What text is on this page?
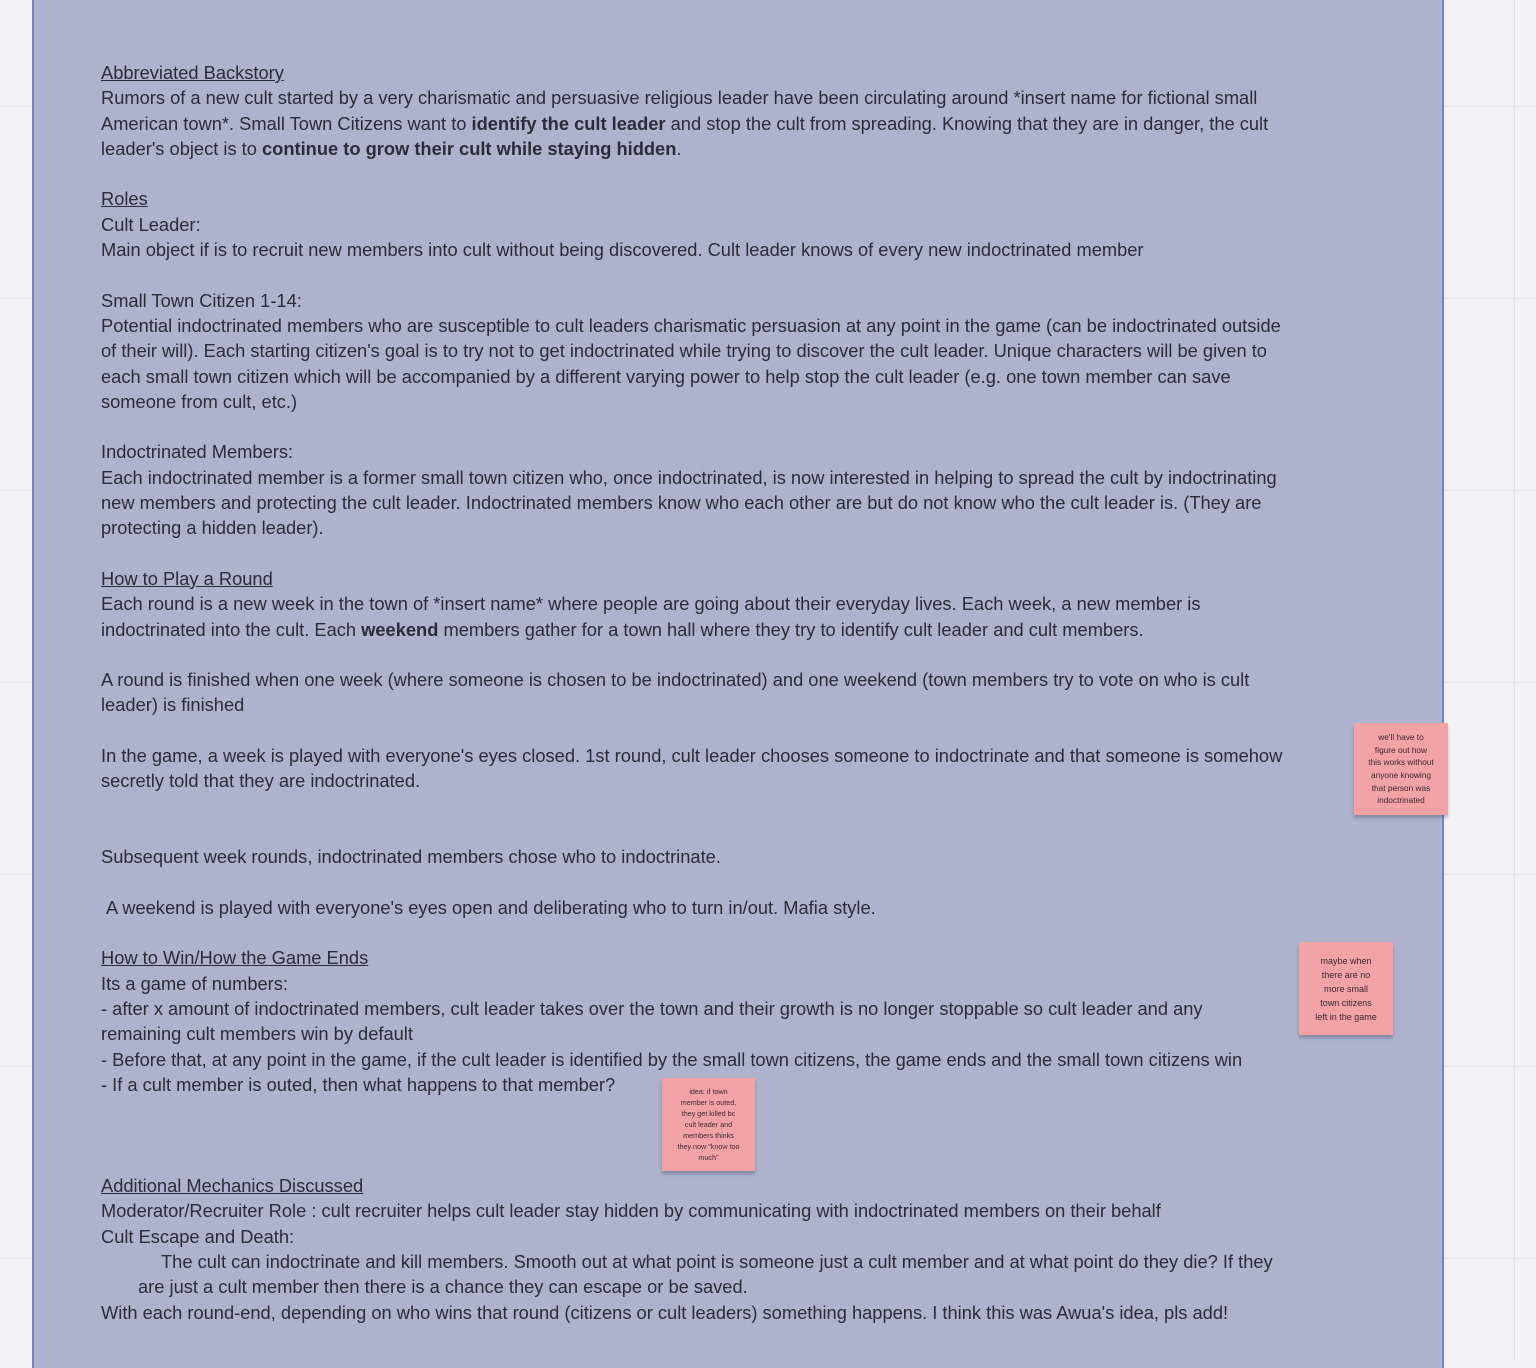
Abbreviated Backstory

Rumors of a new cult started by a very charismatic and persuasive religious leader have been circulating around *insert name for fictional small

American town*. Small Town Citizens want to identify the cult leader and stop the cult from spreading. Knowing that they are in danger, the cult

leader's object is to continue to grow their cult while staying hidden.

Roles

Cult Leader:

Main object if is to recruit new members into cult without being discovered. Cult leader knows of every new indoctrinated member

Small Town Citizen 1-14:

Potential indoctrinated members who are susceptible to cult leaders charismatic persuasion at any point in the game (can be indoctrinated outside

of their will). Each starting citizen's goal is to try not to get indoctrinated while trying to discover the cult leader. Unique characters will be given to

each small town citizen which will be accompanied by a different varying power to help stop the cult leader (e.g. one town member can save

someone from cult, etc.)

Indoctrinated Members:

Each indoctrinated member is a former small town citizen who, once indoctrinated, is now interested in helping to spread the cult by indoctrinating

new members and protecting the cult leader. Indoctrinated members know who each other are but do not know who the cult leader is. (They are

protecting a hidden leader).

How to Play a Round

Each round is a new week in the town of *insert name* where people are going about their everyday lives. Each week, a new member is

indoctrinated into the cult. Each weekend members gather for a town hall where they try to identify cult leader and cult members.

A round is finished when one week (where someone is chosen to be indoctrinated) and one weekend (town members try to vote on who is cult

leader) is finished

In the game, a week is played with everyone's eyes closed. 1st round, cult leader chooses someone to indoctrinate and that someone is somehow

secretly told that they are indoctrinated.

Subsequent week rounds, indoctrinated members chose who to indoctrinate.

A weekend is played with everyone's eyes open and deliberating who to turn in/out. Mafia style.

How to Win/How the Game Ends

Its a game of numbers:

- after x amount of indoctrinated members, cult leader takes over the town and their growth is no longer stoppable so cult leader and any

remaining cult members win by default

- Before that, at any point in the game, if the cult leader is identified by the small town citizens, the game ends and the small town citizens win

- If a cult member is outed, then what happens to that member?

Additional Mechanics Discussed

Moderator/Recruiter Role : cult recruiter helps cult leader stay hidden by communicating with indoctrinated members on their behalf

Cult Escape and Death:

The cult can indoctrinate and kill members. Smooth out at what point is someone just a cult member and at what point do they die? If they

are just a cult member then there is a chance they can escape or be saved.

With each round-end, depending on who wins that round (citizens or cult leaders) something happens. I think this was Awua's idea, pls add!

we'll have to
figure out how
this works without
anyone knowing
that person was
indoctrinated
maybe when
there are no
more small
town citizens
left in the game
idea: if town
member is outed,
they get killed bc
cult leader and
members thinks
they now "know too
much"
